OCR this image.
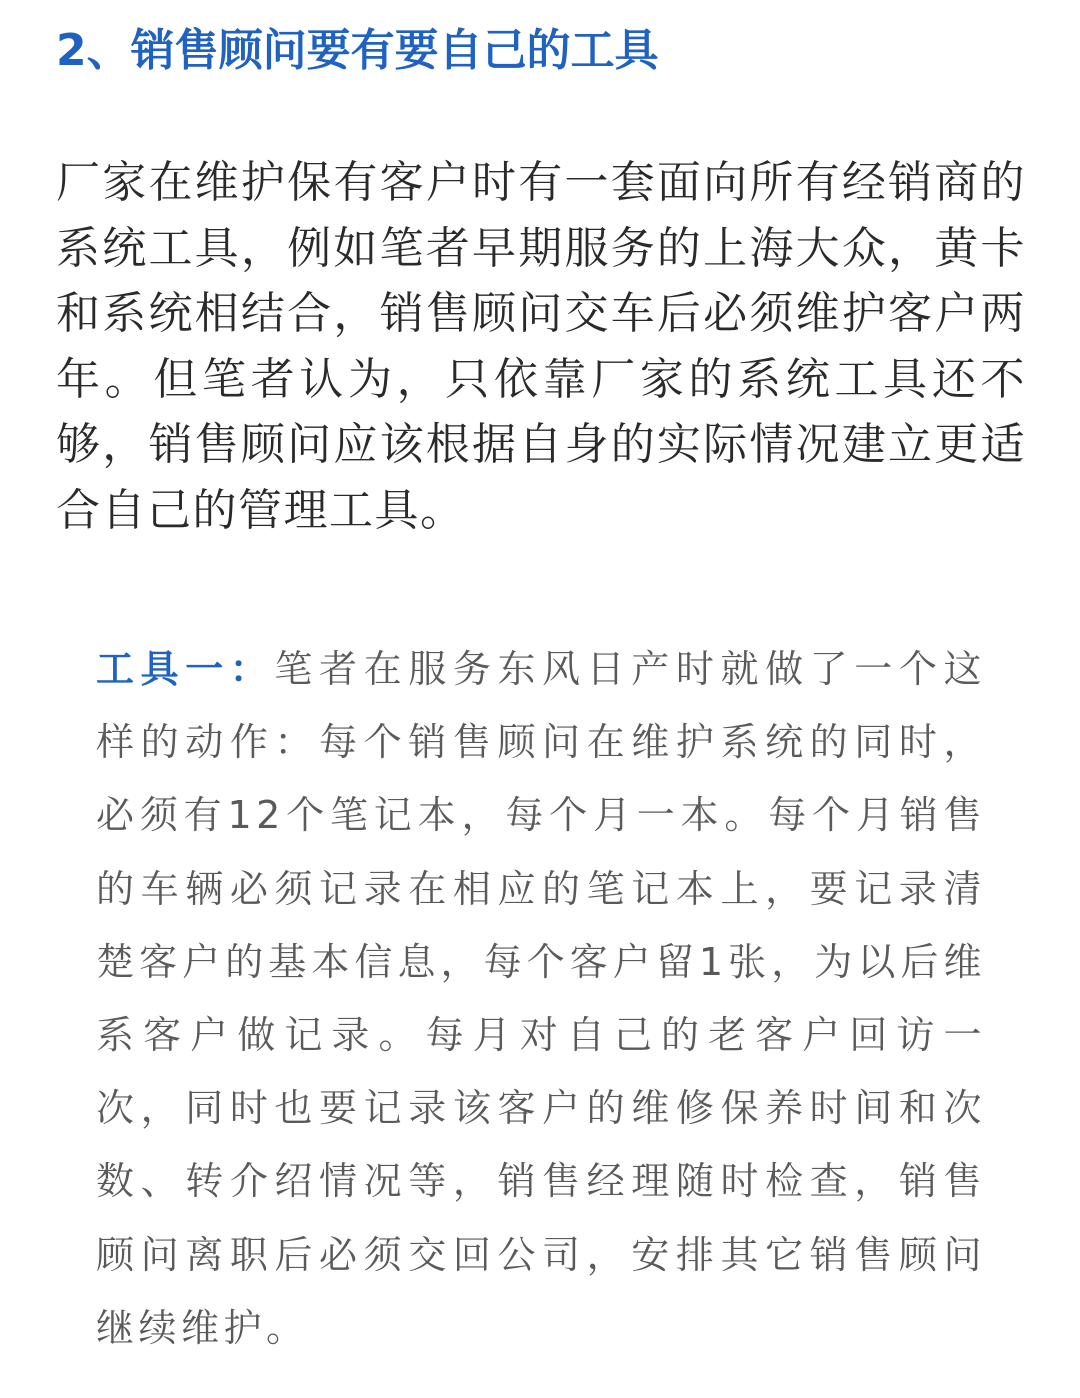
2、销售顾问要有要自己的工具

厂家在维护保有客户时有一套面向所有经销商的系统工具，例如笔者早期服务的上海大众，黄卡和系统相结合，销售顾问交车后必须维护客户两年。但笔者认为，只依靠厂家的系统工具还不够，销售顾问应该根据自身的实际情况建立更适合自己的管理工具。

工具一：笔者在服务东风日产时就做了一个这样的动作：每个销售顾问在维护系统的同时，必须有12个笔记本，每个月一本。每个月销售的车辆必须记录在相应的笔记本上，要记录清楚客户的基本信息，每个客户留1张，为以后维系客户做记录。每月对自己的老客户回访一次，同时也要记录该客户的维修保养时间和次数、转介绍情况等，销售经理随时检查，销售顾问离职后必须交回公司，安排其它销售顾问继续维护。
